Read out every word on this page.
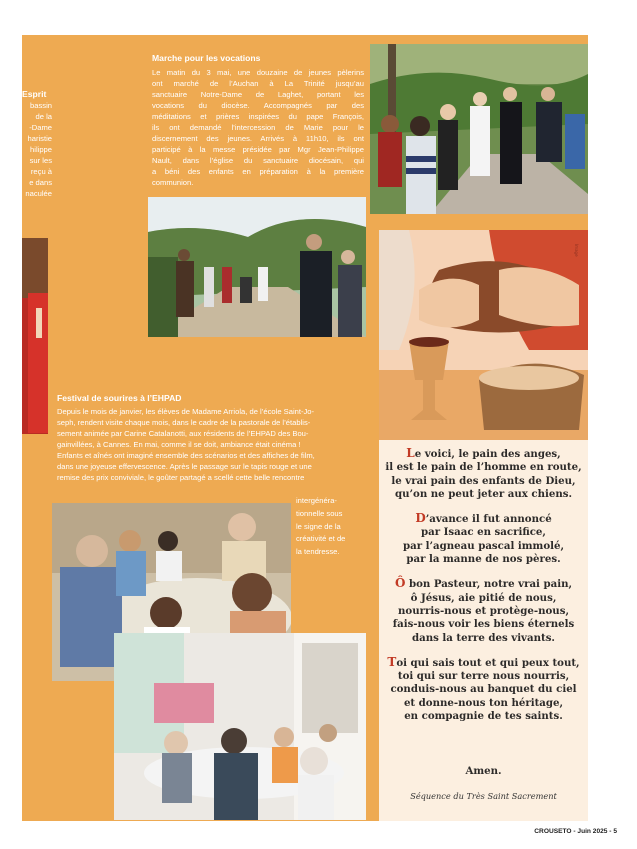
Esprit
bassin
de la
-Dame
haristie
hilippe
sur les
reçu à
e dans
naculée
Marche pour les vocations
Le matin du 3 mai, une douzaine de jeunes pèlerins
ont marché de l’Auchan à La Trinité jusqu’au
sanctuaire Notre-Dame de Laghet, portant les
vocations du diocèse. Accompagnés par des
méditations et prières inspirées du pape François,
ils ont demandé l’intercession de Marie pour le
discernement des jeunes. Arrivés à 11h10, ils ont
participé à la messe présidée par Mgr Jean-Philippe
Nault, dans l’église du sanctuaire diocésain, qui
a béni des enfants en préparation à la première
communion.
Festival de sourires à l’EHPAD
Depuis le mois de janvier, les élèves de Madame Arriola, de l’école Saint-Jo-
seph, rendent visite chaque mois, dans le cadre de la pastorale de l’établis-
sement animée par Carine Catalanotti, aux résidents de l’EHPAD des Bou-
gainvillées, à Cannes. En mai, comme il se doit, ambiance était cinéma !
Enfants et aînés ont imaginé ensemble des scénarios et des affiches de film,
dans une joyeuse effervescence. Après le passage sur le tapis rouge et une
remise des prix conviviale, le goûter partagé a scellé cette belle rencontre
intergénéra-
tionnelle sous
le signe de la
créativité et de
la tendresse.
Image
Le voici, le pain des anges,
il est le pain de l’homme en route,
le vrai pain des enfants de Dieu,
qu’on ne peut jeter aux chiens.
D’avance il fut annoncé
par Isaac en sacrifice,
par l’agneau pascal immolé,
par la manne de nos pères.
Ô bon Pasteur, notre vrai pain,
ô Jésus, aie pitié de nous,
nourris-nous et protège-nous,
fais-nous voir les biens éternels
dans la terre des vivants.
Toi qui sais tout et qui peux tout,
toi qui sur terre nous nourris,
conduis-nous au banquet du ciel
et donne-nous ton héritage,
en compagnie de tes saints.
Amen.
Séquence du Très Saint Sacrement
CROUSETO - Juin 2025 - 5
